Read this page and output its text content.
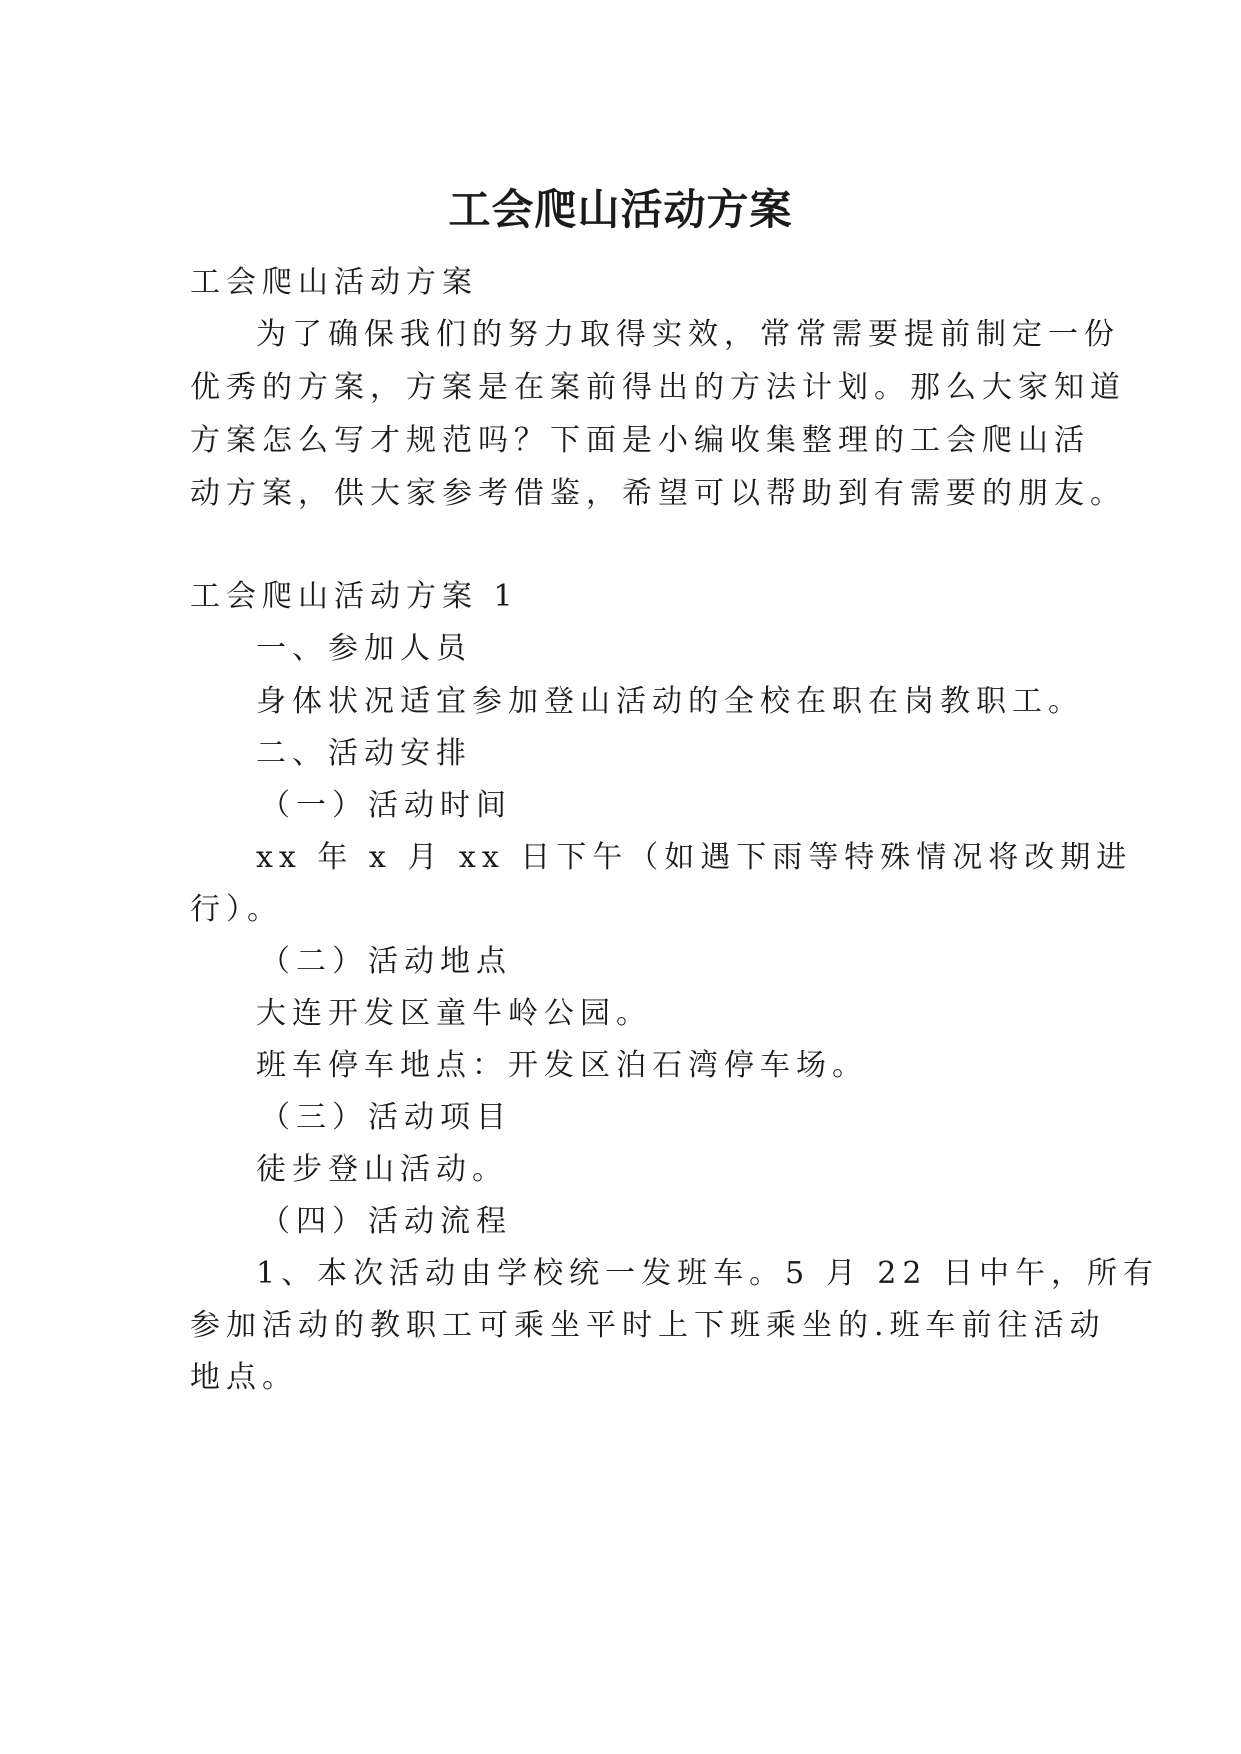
工会爬山活动方案

工会爬山活动方案

为了确保我们的努力取得实效，常常需要提前制定一份

优秀的方案，方案是在案前得出的方法计划。那么大家知道

方案怎么写才规范吗？下面是小编收集整理的工会爬山活

动方案，供大家参考借鉴，希望可以帮助到有需要的朋友。

工会爬山活动方案 1

一、参加人员

身体状况适宜参加登山活动的全校在职在岗教职工。

二、活动安排

（一）活动时间

xx 年 x 月 xx 日下午（如遇下雨等特殊情况将改期进

行）。

（二）活动地点

大连开发区童牛岭公园。

班车停车地点：开发区泊石湾停车场。

（三）活动项目

徒步登山活动。

（四）活动流程

1、本次活动由学校统一发班车。5 月 22 日中午，所有

参加活动的教职工可乘坐平时上下班乘坐的.班车前往活动

地点。
